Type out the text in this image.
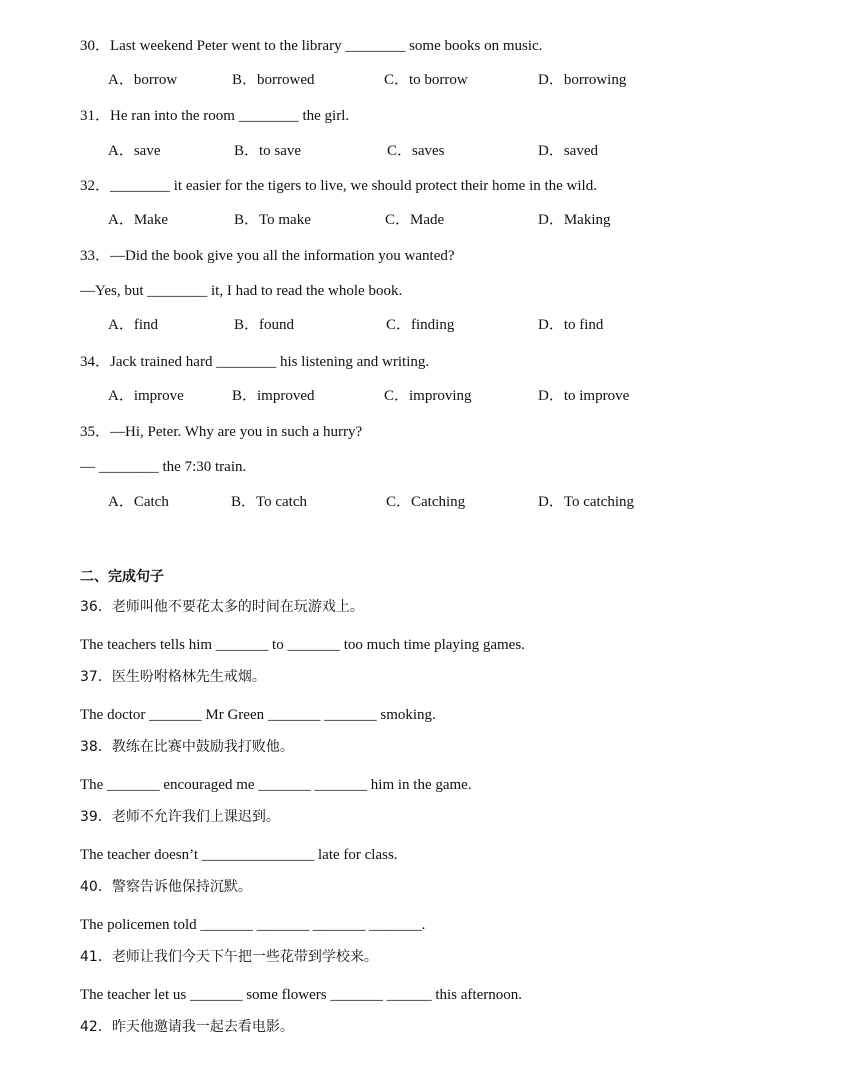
30．Last weekend Peter went to the library ________ some books on music.
A．borrow	B．borrowed	C．to borrow	D．borrowing
31．He ran into the room ________ the girl.
A．save	B．to save	C．saves	D．saved
32．________ it easier for the tigers to live, we should protect their home in the wild.
A．Make	B．To make	C．Made	D．Making
33．—Did the book give you all the information you wanted?
—Yes, but ________ it, I had to read the whole book.
A．find	B．found	C．finding	D．to find
34．Jack trained hard ________ his listening and writing.
A．improve	B．improved	C．improving	D．to improve
35．—Hi, Peter. Why are you in such a hurry?
— ________ the 7:30 train.
A．Catch	B．To catch	C．Catching	D．To catching
二、完成句子
36．老师叫他不要花太多的时间在玩游戏上。
The teachers tells him _______ to _______ too much time playing games.
37．医生吩咐格林先生戒烟。
The doctor _______ Mr Green _______ _______ smoking.
38．教练在比赛中鼓励我打败他。
The _______ encouraged me _______ _______ him in the game.
39．老师不允许我们上课迟到。
The teacher doesn’t _______________ late for class.
40．警察告诉他保持沉默。
The policemen told _______ _______ _______ _______.
41．老师让我们今天下午把一些花带到学校来。
The teacher let us _______ some flowers _______ ______ this afternoon.
42．昨天他邀请我一起去看电影。
